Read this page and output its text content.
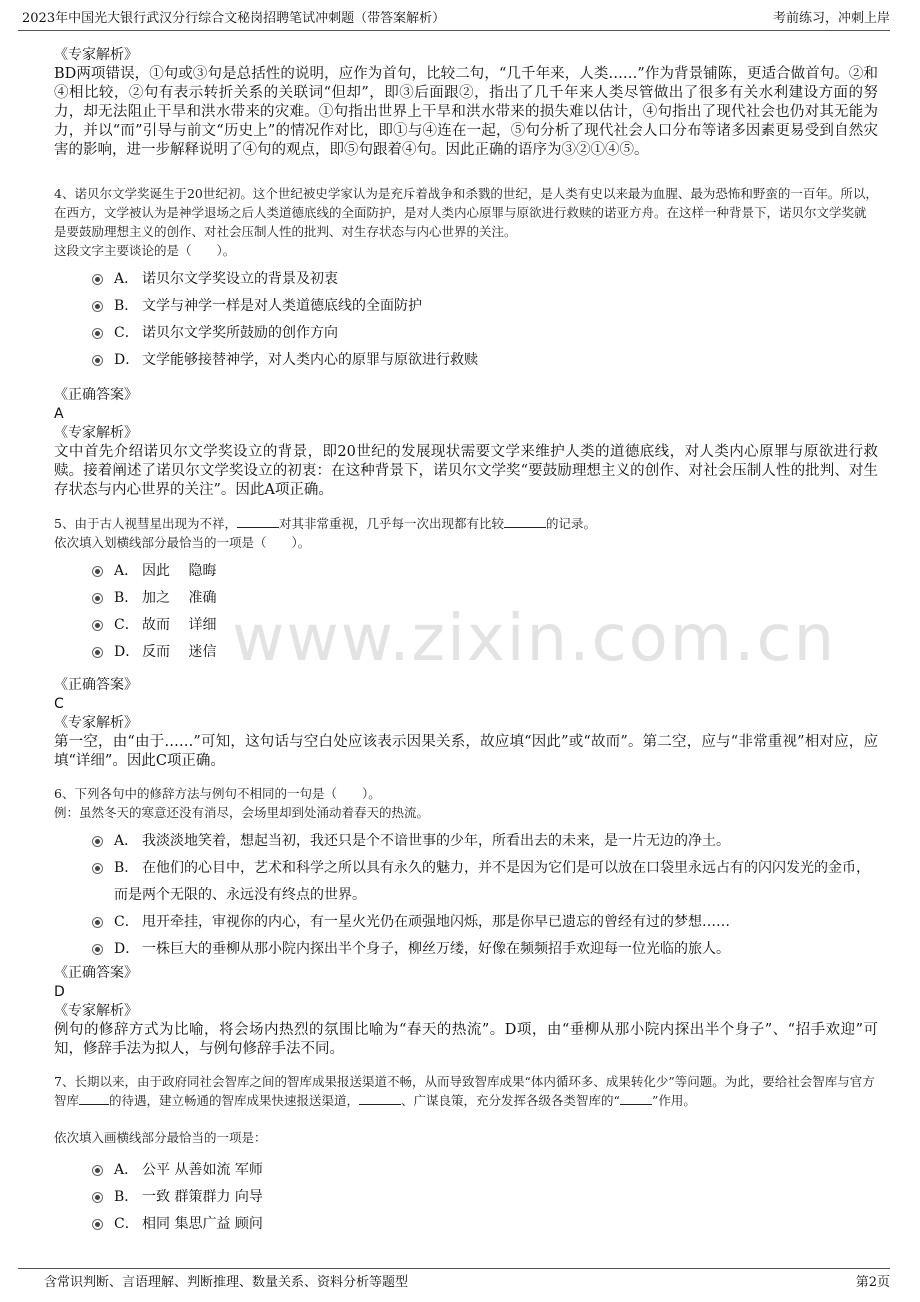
2023年中国光大银行武汉分行综合文秘岗招聘笔试冲刺题（带答案解析）	考前练习，冲刺上岸
www.zixin.com.cn

《专家解析》

BD两项错误，①句或③句是总括性的说明，应作为首句，比较二句，“几千年来，人类……”作为背景铺陈，更适合做首句。②和④相比较，②句有表示转折关系的关联词“但却”，即③后面跟②，指出了几千年来人类尽管做出了很多有关水利建设方面的努力，却无法阻止干旱和洪水带来的灾难。①句指出世界上干旱和洪水带来的损失难以估计，④句指出了现代社会也仍对其无能为力，并以“而”引导与前文“历史上”的情况作对比，即①与④连在一起，⑤句分析了现代社会人口分布等诸多因素更易受到自然灾害的影响，进一步解释说明了④句的观点，即⑤句跟着④句。因此正确的语序为③②①④⑤。

4、诺贝尔文学奖诞生于20世纪初。这个世纪被史学家认为是充斥着战争和杀戮的世纪，是人类有史以来最为血腥、最为恐怖和野蛮的一百年。所以，在西方，文学被认为是神学退场之后人类道德底线的全面防护，是对人类内心原罪与原欲进行救赎的诺亚方舟。在这样一种背景下，诺贝尔文学奖就是要鼓励理想主义的创作、对社会压制人性的批判、对生存状态与内心世界的关注。

这段文字主要谈论的是（　　）。

A． 诺贝尔文学奖设立的背景及初衷
B． 文学与神学一样是对人类道德底线的全面防护
C． 诺贝尔文学奖所鼓励的创作方向
D． 文学能够接替神学，对人类内心的原罪与原欲进行救赎

《正确答案》

A

《专家解析》

文中首先介绍诺贝尔文学奖设立的背景，即20世纪的发展现状需要文学来维护人类的道德底线，对人类内心原罪与原欲进行救赎。接着阐述了诺贝尔文学奖设立的初衷：在这种背景下，诺贝尔文学奖“要鼓励理想主义的创作、对社会压制人性的批判、对生存状态与内心世界的关注”。因此A项正确。

5、由于古人视彗星出现为不祥，	对其非常重视，几乎每一次出现都有比较	的记录。

依次填入划横线部分最恰当的一项是（　　）。

A． 因此　 隐晦
B． 加之　 准确
C． 故而　 详细
D． 反而　 迷信

《正确答案》

C

《专家解析》

第一空，由“由于……”可知，这句话与空白处应该表示因果关系，故应填“因此”或“故而”。第二空，应与“非常重视”相对应，应填“详细”。因此C项正确。

6、下列各句中的修辞方法与例句不相同的一句是（　　）。

例：虽然冬天的寒意还没有消尽，会场里却到处涌动着春天的热流。

A． 我淡淡地笑着，想起当初，我还只是个不谙世事的少年，所看出去的未来，是一片无边的净土。
B． 在他们的心目中，艺术和科学之所以具有永久的魅力，并不是因为它们是可以放在口袋里永远占有的闪闪发光的金币，而是两个无限的、永远没有终点的世界。
C． 甩开牵挂，审视你的内心，有一星火光仍在顽强地闪烁，那是你早已遗忘的曾经有过的梦想……
D． 一株巨大的垂柳从那小院内探出半个身子，柳丝万缕，好像在频频招手欢迎每一位光临的旅人。

《正确答案》

D

《专家解析》

例句的修辞方式为比喻，将会场内热烈的氛围比喻为“春天的热流”。D项，由“垂柳从那小院内探出半个身子”、“招手欢迎”可知，修辞手法为拟人，与例句修辞手法不同。

7、长期以来，由于政府同社会智库之间的智库成果报送渠道不畅，从而导致智库成果“体内循环多、成果转化少”等问题。为此，要给社会智库与官方智库 的待遇，建立畅通的智库成果快速报送渠道，	、广谋良策，充分发挥各级各类智库的“	”作用。

依次填入画横线部分最恰当的一项是：

A． 公平 从善如流 军师
B． 一致 群策群力 向导
C． 相同 集思广益 顾问
含常识判断、言语理解、判断推理、数量关系、资料分析等题型	第2页
